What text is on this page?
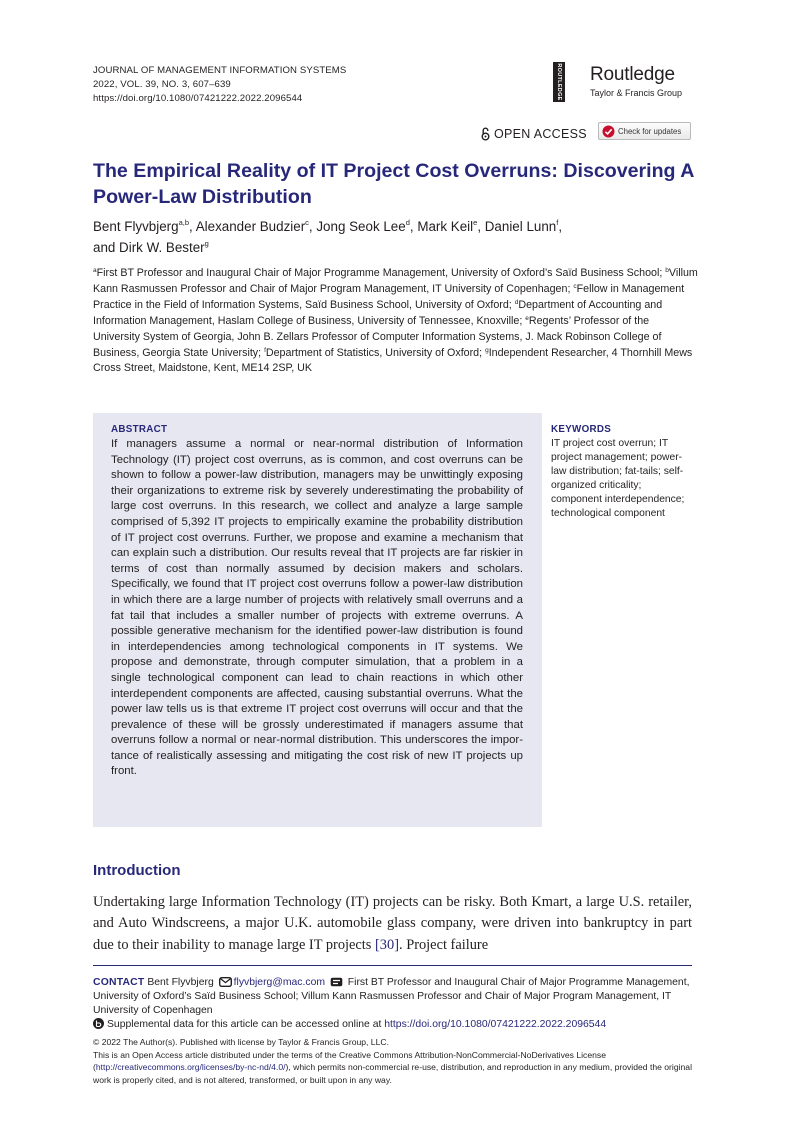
JOURNAL OF MANAGEMENT INFORMATION SYSTEMS
2022, VOL. 39, NO. 3, 607–639
https://doi.org/10.1080/07421222.2022.2096544	ROUTLEDGE Routledge
Taylor & Francis Group
OPEN ACCESS	Check for updates
The Empirical Reality of IT Project Cost Overruns: Discovering A Power-Law Distribution
Bent Flyvbjerg$^{a,b}$, Alexander Budzier$^c$, Jong Seok Lee$^d$, Mark Keil$^e$, Daniel Lunn$^f$,
and Dirk W. Bester$^g$
$^a$First BT Professor and Inaugural Chair of Major Programme Management, University of Oxford’s Saïd Business School; $^b$Villum Kann Rasmussen Professor and Chair of Major Program Management, IT University of Copenhagen; $^c$Fellow in Management Practice in the Field of Information Systems, Saïd Business School, University of Oxford; $^d$Department of Accounting and Information Management, Haslam College of Business, University of Tennessee, Knoxville; $^e$Regents’ Professor of the University System of Georgia, John B. Zellars Professor of Computer Information Systems, J. Mack Robinson College of Business, Georgia State University; $^f$Department of Statistics, University of Oxford; $^g$Independent Researcher, 4 Thornhill Mews Cross Street, Maidstone, Kent, ME14 2SP, UK
ABSTRACT
If managers assume a normal or near-normal distribution of Information Technology (IT) project cost overruns, as is common, and cost overruns can be shown to follow a power-law distribution, managers may be unwittingly exposing their organizations to extreme risk by severely underestimating the probability of large cost overruns. In this research, we collect and analyze a large sample comprised of 5,392 IT projects to empirically examine the probability distribution of IT project cost overruns. Further, we propose and examine a mechanism that can explain such a distribution. Our results reveal that IT projects are far riskier in terms of cost than normally assumed by decision makers and scholars. Specifically, we found that IT project cost overruns follow a power-law distribution in which there are a large number of projects with relatively small overruns and a fat tail that includes a smaller number of projects with extreme overruns. A possible generative mechanism for the identified power-law distribution is found in interdependencies among technological components in IT systems. We propose and demonstrate, through computer simulation, that a problem in a single technological component can lead to chain reactions in which other interdependent components are affected, causing substantial overruns. What the power law tells us is that extreme IT project cost overruns will occur and that the prevalence of these will be grossly underestimated if managers assume that overruns follow a normal or near-normal distribution. This underscores the importance of realistically assessing and mitigating the cost risk of new IT projects up front.
KEYWORDS
IT project cost overrun; IT project management; power-law distribution; fat-tails; self-organized criticality; component interdependence; technological component
Introduction
Undertaking large Information Technology (IT) projects can be risky. Both Kmart, a large U.S. retailer, and Auto Windscreens, a major U.K. automobile glass company, were driven into bankruptcy in part due to their inability to manage large IT projects [30]. Project failure
CONTACT Bent Flyvbjerg flyvbjerg@mac.com First BT Professor and Inaugural Chair of Major Programme Management, University of Oxford’s Saïd Business School; Villum Kann Rasmussen Professor and Chair of Major Program Management, IT University of Copenhagen
Supplemental data for this article can be accessed online at https://doi.org/10.1080/07421222.2022.2096544
© 2022 The Author(s). Published with license by Taylor & Francis Group, LLC.
This is an Open Access article distributed under the terms of the Creative Commons Attribution-NonCommercial-NoDerivatives License (http://creativecommons.org/licenses/by-nc-nd/4.0/), which permits non-commercial re-use, distribution, and reproduction in any medium, provided the original work is properly cited, and is not altered, transformed, or built upon in any way.
